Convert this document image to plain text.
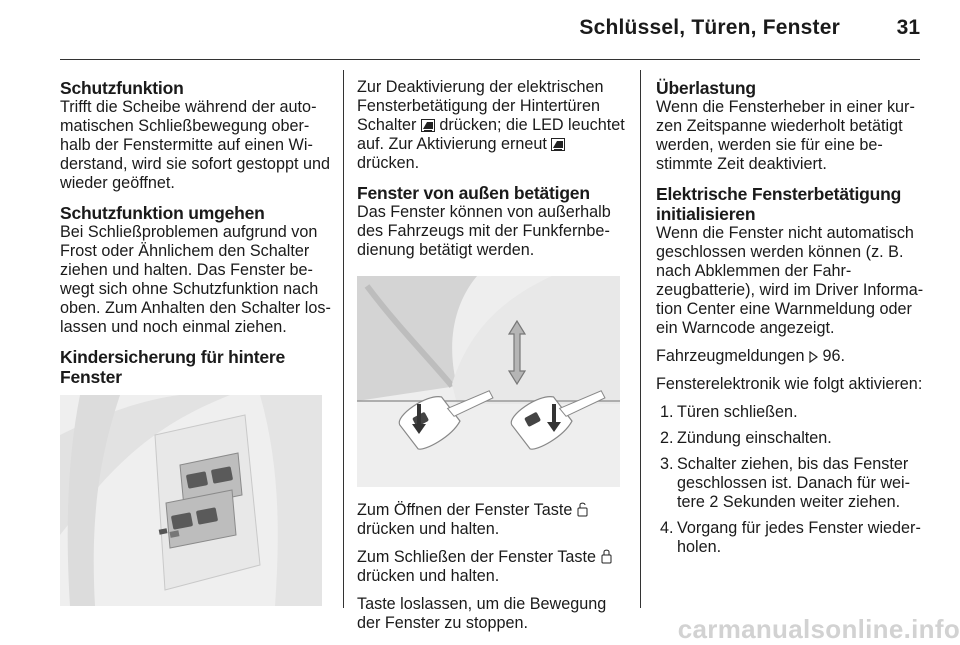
Schlüssel, Türen, Fenster	31
Schutzfunktion

Trifft die Scheibe während der automatischen Schließbewegung oberhalb der Fenstermitte auf einen Widerstand, wird sie sofort gestoppt und wieder geöffnet.

Schutzfunktion umgehen

Bei Schließproblemen aufgrund von Frost oder Ähnlichem den Schalter ziehen und halten. Das Fenster bewegt sich ohne Schutzfunktion nach oben. Zum Anhalten den Schalter loslassen und noch einmal ziehen.

Kindersicherung für hintere Fenster

Zur Deaktivierung der elektrischen Fensterbetätigung der Hintertüren Schalter drücken; die LED leuchtet auf. Zur Aktivierung erneut  drücken.

Fenster von außen betätigen

Das Fenster können von außerhalb des Fahrzeugs mit der Funkfernbedienung betätigt werden.

Zum Öffnen der Fenster Taste  drücken und halten.

Zum Schließen der Fenster Taste  drücken und halten.

Taste loslassen, um die Bewegung der Fenster zu stoppen.

Überlastung

Wenn die Fensterheber in einer kurzen Zeitspanne wiederholt betätigt werden, werden sie für eine bestimmte Zeit deaktiviert.

Elektrische Fensterbetätigung initialisieren

Wenn die Fenster nicht automatisch geschlossen werden können (z. B. nach Abklemmen der Fahrzeugbatterie), wird im Driver Information Center eine Warnmeldung oder ein Warncode angezeigt.

Fahrzeugmeldungen 96.

Fensterelektronik wie folgt aktivieren:

1. Türen schließen.
2. Zündung einschalten.
3. Schalter ziehen, bis das Fenster geschlossen ist. Danach für weitere 2 Sekunden weiter ziehen.
4. Vorgang für jedes Fenster wiederholen.
carmanualsonline.info
